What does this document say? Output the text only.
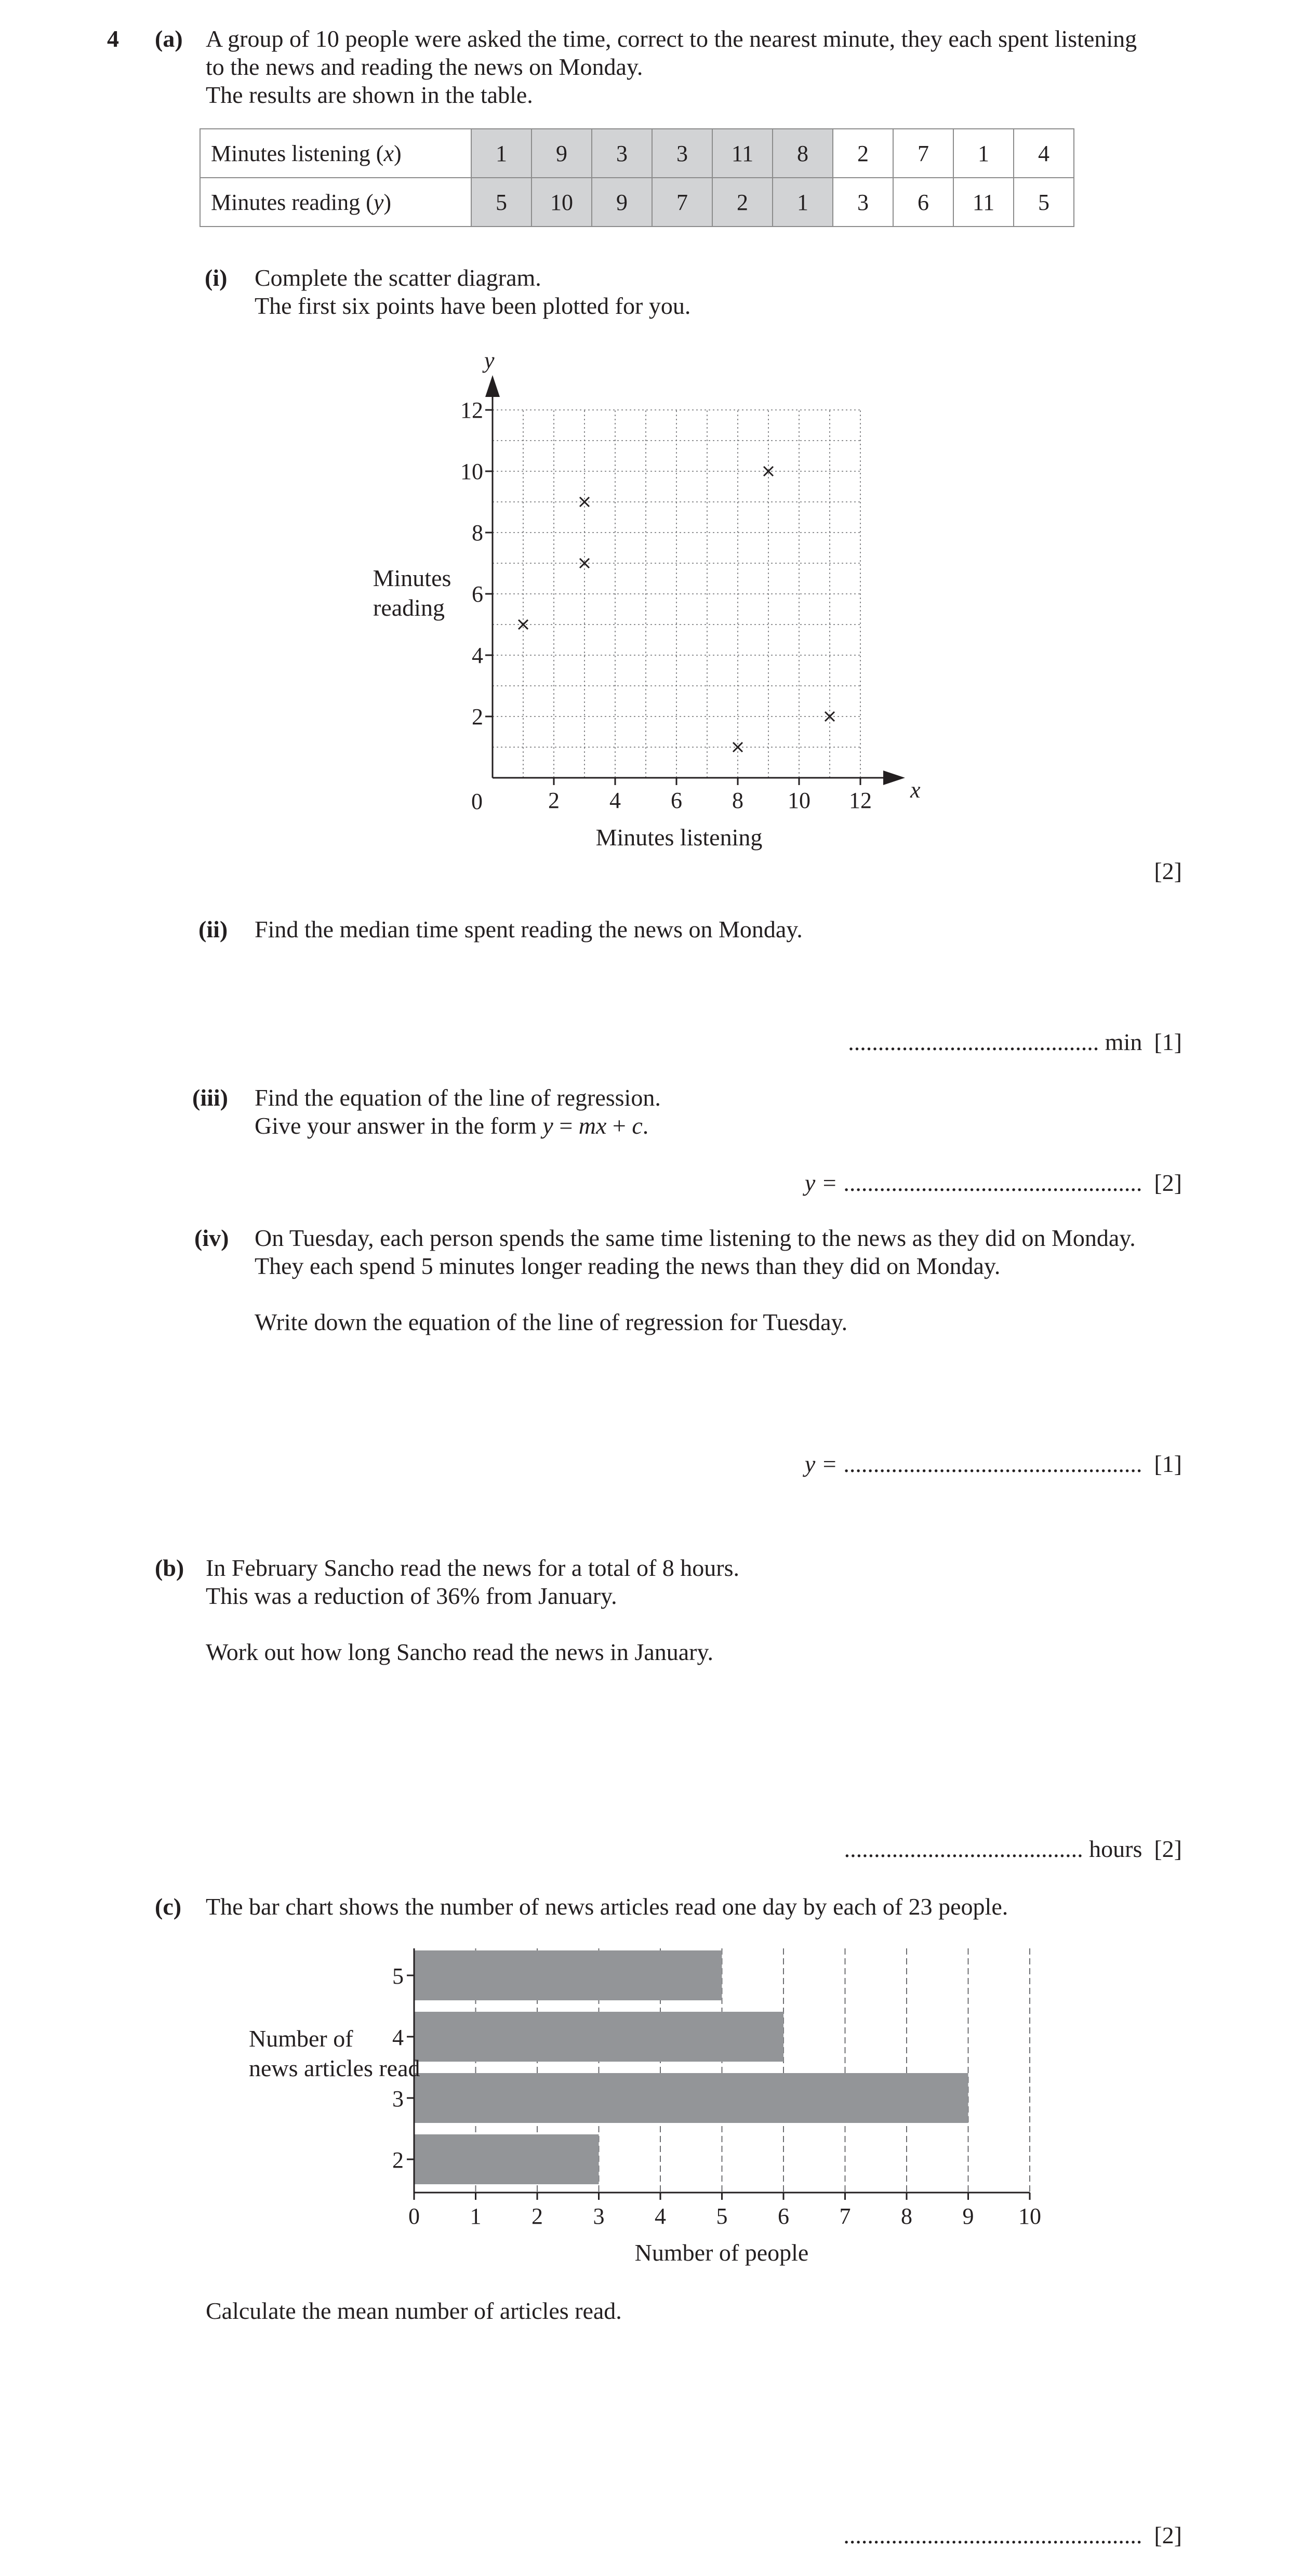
4 (a) A group of 10 people were asked the time, correct to the nearest minute, they each spent listening
to the news and reading the news on Monday.
The results are shown in the table.
Minutes listening (x)	1	9	3	3	11	8	2	7	1	4
Minutes reading (y)	5	10	9	7	2	1	3	6	11	5
(i) Complete the scatter diagram.
The first six points have been plotted for you.
2 4 6 8 10 12
2
4
6
8
10
12
0	x
y
Minutes listening
Minutes
reading
[2]
(ii) Find the median time spent reading the news on Monday.
.......................................... min [1]
(iii) Find the equation of the line of regression.
Give your answer in the form y = mx + c.
y = .................................................. [2]
(iv) On Tuesday, each person spends the same time listening to the news as they did on Monday.
They each spend 5 minutes longer reading the news than they did on Monday.
Write down the equation of the line of regression for Tuesday.
y = .................................................. [1]
(b) In February Sancho read the news for a total of 8 hours.
This was a reduction of 36% from January.
Work out how long Sancho read the news in January.
........................................ hours [2]
(c) The bar chart shows the number of news articles read one day by each of 23 people.
5
4
3
2
0 1 2 3 4 5 6 7 8 9 10
Number of people
Number of
news articles read
Calculate the mean number of articles read.
.................................................. [2]
